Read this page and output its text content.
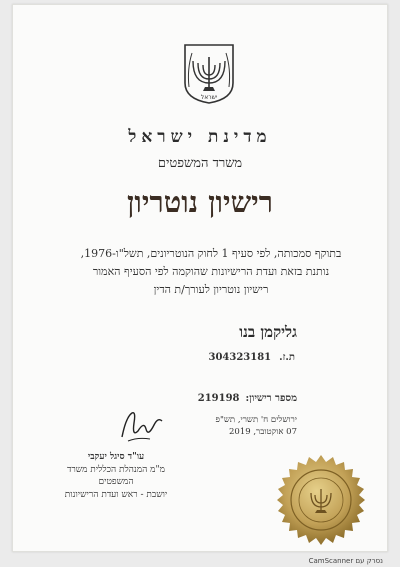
ישראל
מדינת ישראל
משרד המשפטים
רישיון נוטריון
בתוקף סמכותה, לפי סעיף 1 לחוק הנוטריונים, תשל"ו-1976,
נותנת בזאת ועדת הרישיונות שהוקמה לפי הסעיף האמור
רישיון נוטריון לעורך/ת הדין
גליקמן בנו
ת.ז.304323181
מספר רישיון:219198
ירושלים ח' תשרי, תש"פ
07 אוקטובר, 2019
עו"ד סיגל יעקבי
מ"מ המנהלת הכללית משרד המשפטים
יושבת - ראש ועדת הרישיונות
נסרק עם CamScanner
